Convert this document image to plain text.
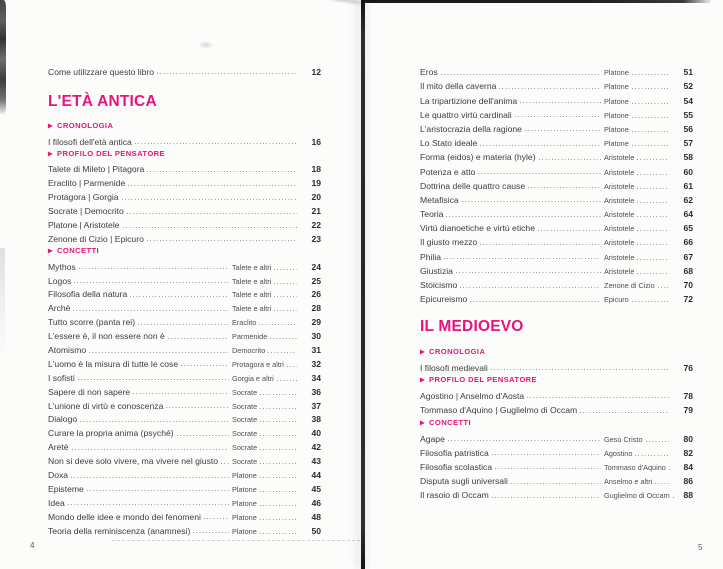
Come utilizzare questo libro	12
L'ETÀ ANTICA
▶ CRONOLOGIA
I filosofi dell'età antica	16
▶ PROFILO DEL PENSATORE
Talete di Mileto | Pitagora	18
Eraclito | Parmenide	19
Protagora | Gorgia	20
Socrate | Democrito	21
Platone | Aristotele	22
Zenone di Cizio | Epicuro	23
▶ CONCETTI
Mythos	Talete e altri	24
Logos	Talete e altri	25
Filosofia della natura	Talete e altri	26
Archè	Talete e altri	28
Tutto scorre (panta rei)	Eraclito	29
L'essere è, il non essere non è	Parmenide	30
Atomismo	Democrito	31
L'uomo è la misura di tutte le cose	Protagora e altri	32
I sofisti	Gorgia e altri	34
Sapere di non sapere	Socrate	36
L'unione di virtù e conoscenza	Socrate	37
Dialogo	Socrate	38
Curare la propria anima (psyché)	Socrate	40
Aretè	Socrate	42
Non si deve solo vivere, ma vivere nel giusto Socrate	43
Doxa	Platone	44
Episteme	Platone	45
Idea	Platone	46
Mondo delle idee e mondo dei fenomeni	Platone	48
Teoria della reminiscenza (anamnesi)	Platone	50
Eros	Platone	51
Il mito della caverna	Platone	52
La tripartizione dell'anima	Platone	54
Le quattro virtù cardinali	Platone	55
L'aristocrazia della ragione	Platone	56
Lo Stato ideale	Platone	57
Forma (eidos) e materia (hyle)	Aristotele	58
Potenza e atto	Aristotele	60
Dottrina delle quattro cause	Aristotele	61
Metafisica	Aristotele	62
Teoria	Aristotele	64
Virtù dianoetiche e virtù etiche	Aristotele	65
Il giusto mezzo	Aristotele	66
Philia	Aristotele	67
Giustizia	Aristotele	68
Stoicismo	Zenone di Cizio	70
Epicureismo	Epicuro	72
IL MEDIOEVO
▶ CRONOLOGIA
I filosofi medievali	76
▶ PROFILO DEL PENSATORE
Agostino | Anselmo d'Aosta	78
Tommaso d'Aquino | Guglielmo di Occam	79
▶ CONCETTI
Agape	Gesù Cristo	80
Filosofia patristica	Agostino	82
Filosofia scolastica	Tommaso d'Aquino	84
Disputa sugli universali	Anselmo e altri	86
Il rasoio di Occam	Guglielmo di Occam	88
4	5
